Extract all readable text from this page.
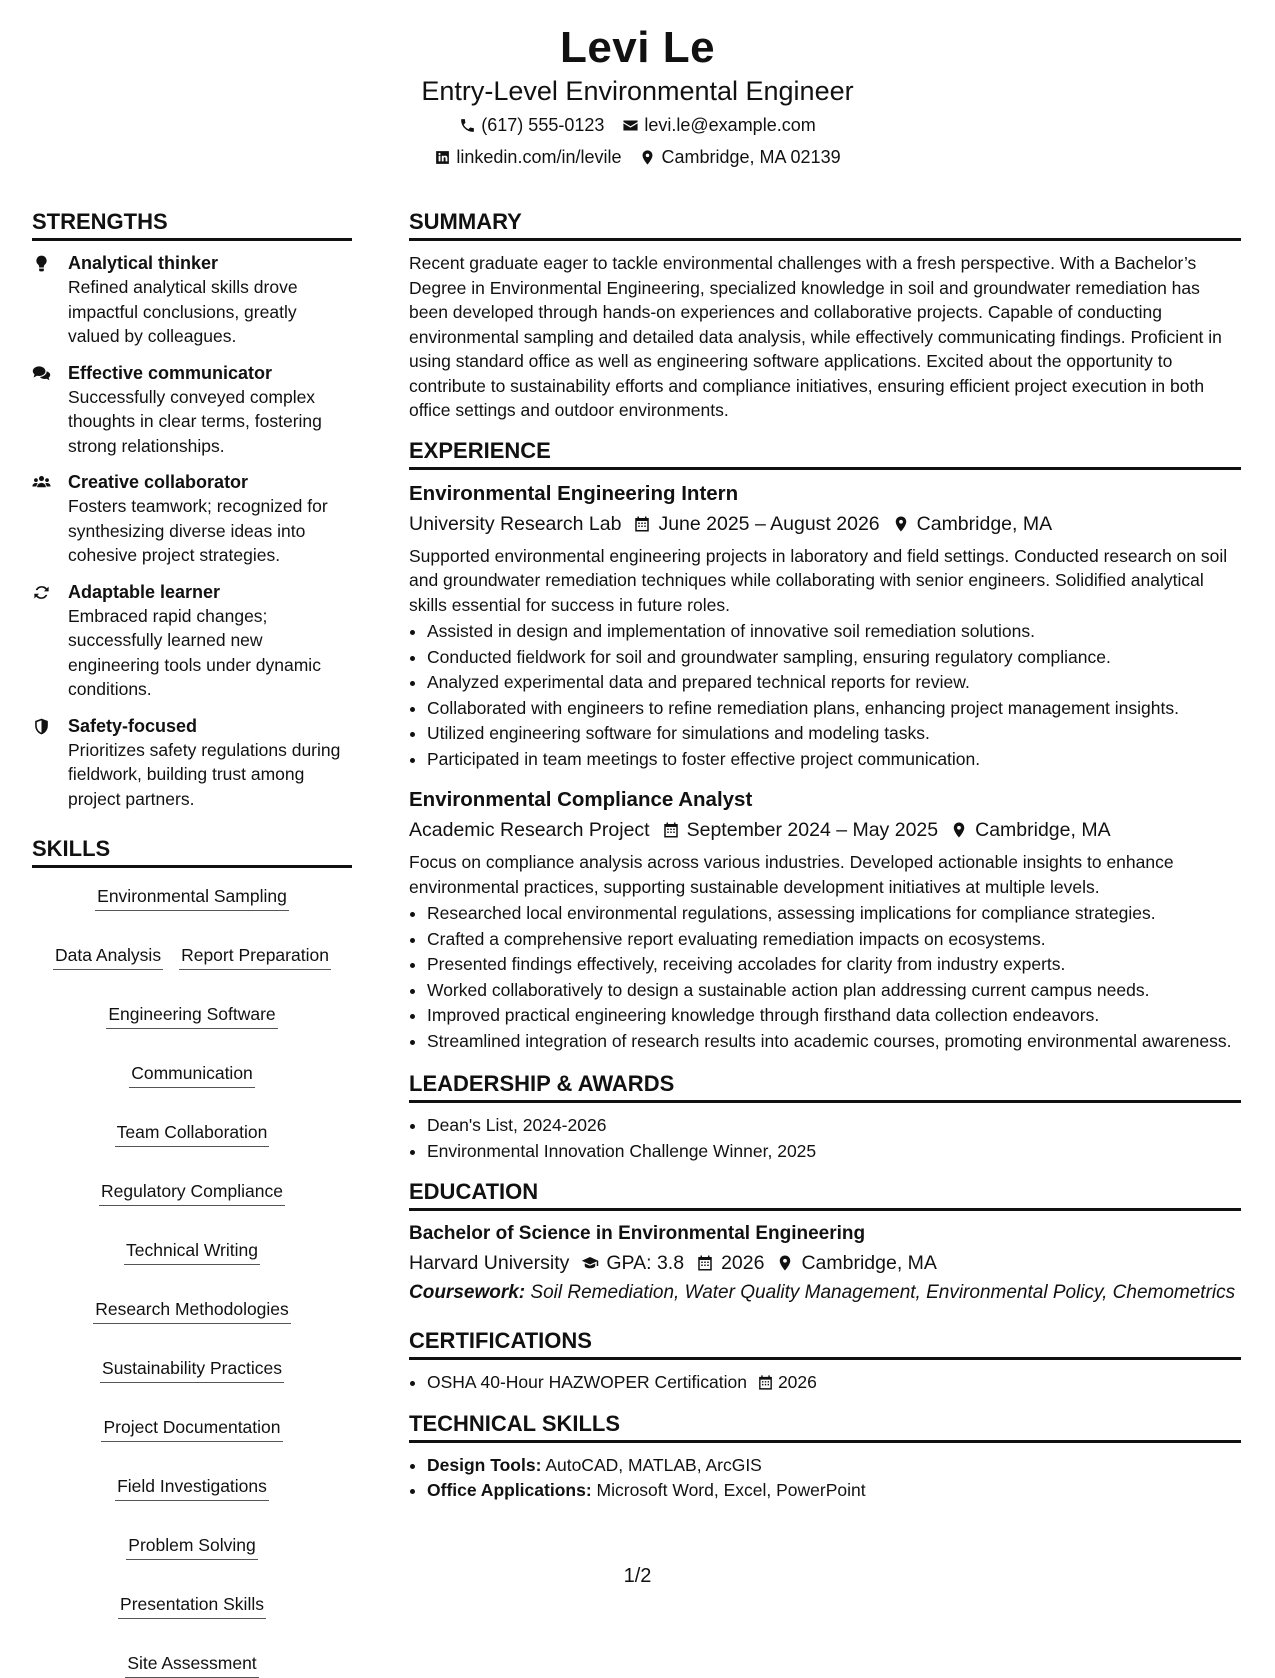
Levi Le
Entry-Level Environmental Engineer
(617) 555-0123 levi.le@example.com
linkedin.com/in/levile Cambridge, MA 02139
STRENGTHS
Analytical thinker
Refined analytical skills drove impactful conclusions, greatly valued by colleagues.
Effective communicator
Successfully conveyed complex thoughts in clear terms, fostering strong relationships.
Creative collaborator
Fosters teamwork; recognized for synthesizing diverse ideas into cohesive project strategies.
Adaptable learner
Embraced rapid changes; successfully learned new engineering tools under dynamic conditions.
Safety-focused
Prioritizes safety regulations during fieldwork, building trust among project partners.
SKILLS
Environmental Sampling
Data Analysis Report Preparation
Engineering Software
Communication
Team Collaboration
Regulatory Compliance
Technical Writing
Research Methodologies
Sustainability Practices
Project Documentation
Field Investigations
Problem Solving
Presentation Skills
Site Assessment
SUMMARY
Recent graduate eager to tackle environmental challenges with a fresh perspective. With a Bachelor’s Degree in Environmental Engineering, specialized knowledge in soil and groundwater remediation has been developed through hands-on experiences and collaborative projects. Capable of conducting environmental sampling and detailed data analysis, while effectively communicating findings. Proficient in using standard office as well as engineering software applications. Excited about the opportunity to contribute to sustainability efforts and compliance initiatives, ensuring efficient project execution in both office settings and outdoor environments.
EXPERIENCE
Environmental Engineering Intern
University Research Lab June 2025 – August 2026 Cambridge, MA
Supported environmental engineering projects in laboratory and field settings. Conducted research on soil and groundwater remediation techniques while collaborating with senior engineers. Solidified analytical skills essential for success in future roles.
• Assisted in design and implementation of innovative soil remediation solutions.
• Conducted fieldwork for soil and groundwater sampling, ensuring regulatory compliance.
• Analyzed experimental data and prepared technical reports for review.
• Collaborated with engineers to refine remediation plans, enhancing project management insights.
• Utilized engineering software for simulations and modeling tasks.
• Participated in team meetings to foster effective project communication.
Environmental Compliance Analyst
Academic Research Project September 2024 – May 2025 Cambridge, MA
Focus on compliance analysis across various industries. Developed actionable insights to enhance environmental practices, supporting sustainable development initiatives at multiple levels.
• Researched local environmental regulations, assessing implications for compliance strategies.
• Crafted a comprehensive report evaluating remediation impacts on ecosystems.
• Presented findings effectively, receiving accolades for clarity from industry experts.
• Worked collaboratively to design a sustainable action plan addressing current campus needs.
• Improved practical engineering knowledge through firsthand data collection endeavors.
• Streamlined integration of research results into academic courses, promoting environmental awareness.
LEADERSHIP & AWARDS
• Dean's List, 2024-2026
• Environmental Innovation Challenge Winner, 2025
EDUCATION
Bachelor of Science in Environmental Engineering
Harvard University GPA: 3.8 2026 Cambridge, MA
Coursework: Soil Remediation, Water Quality Management, Environmental Policy, Chemometrics
CERTIFICATIONS
• OSHA 40-Hour HAZWOPER Certification 2026
TECHNICAL SKILLS
• Design Tools: AutoCAD, MATLAB, ArcGIS
• Office Applications: Microsoft Word, Excel, PowerPoint
1/2
